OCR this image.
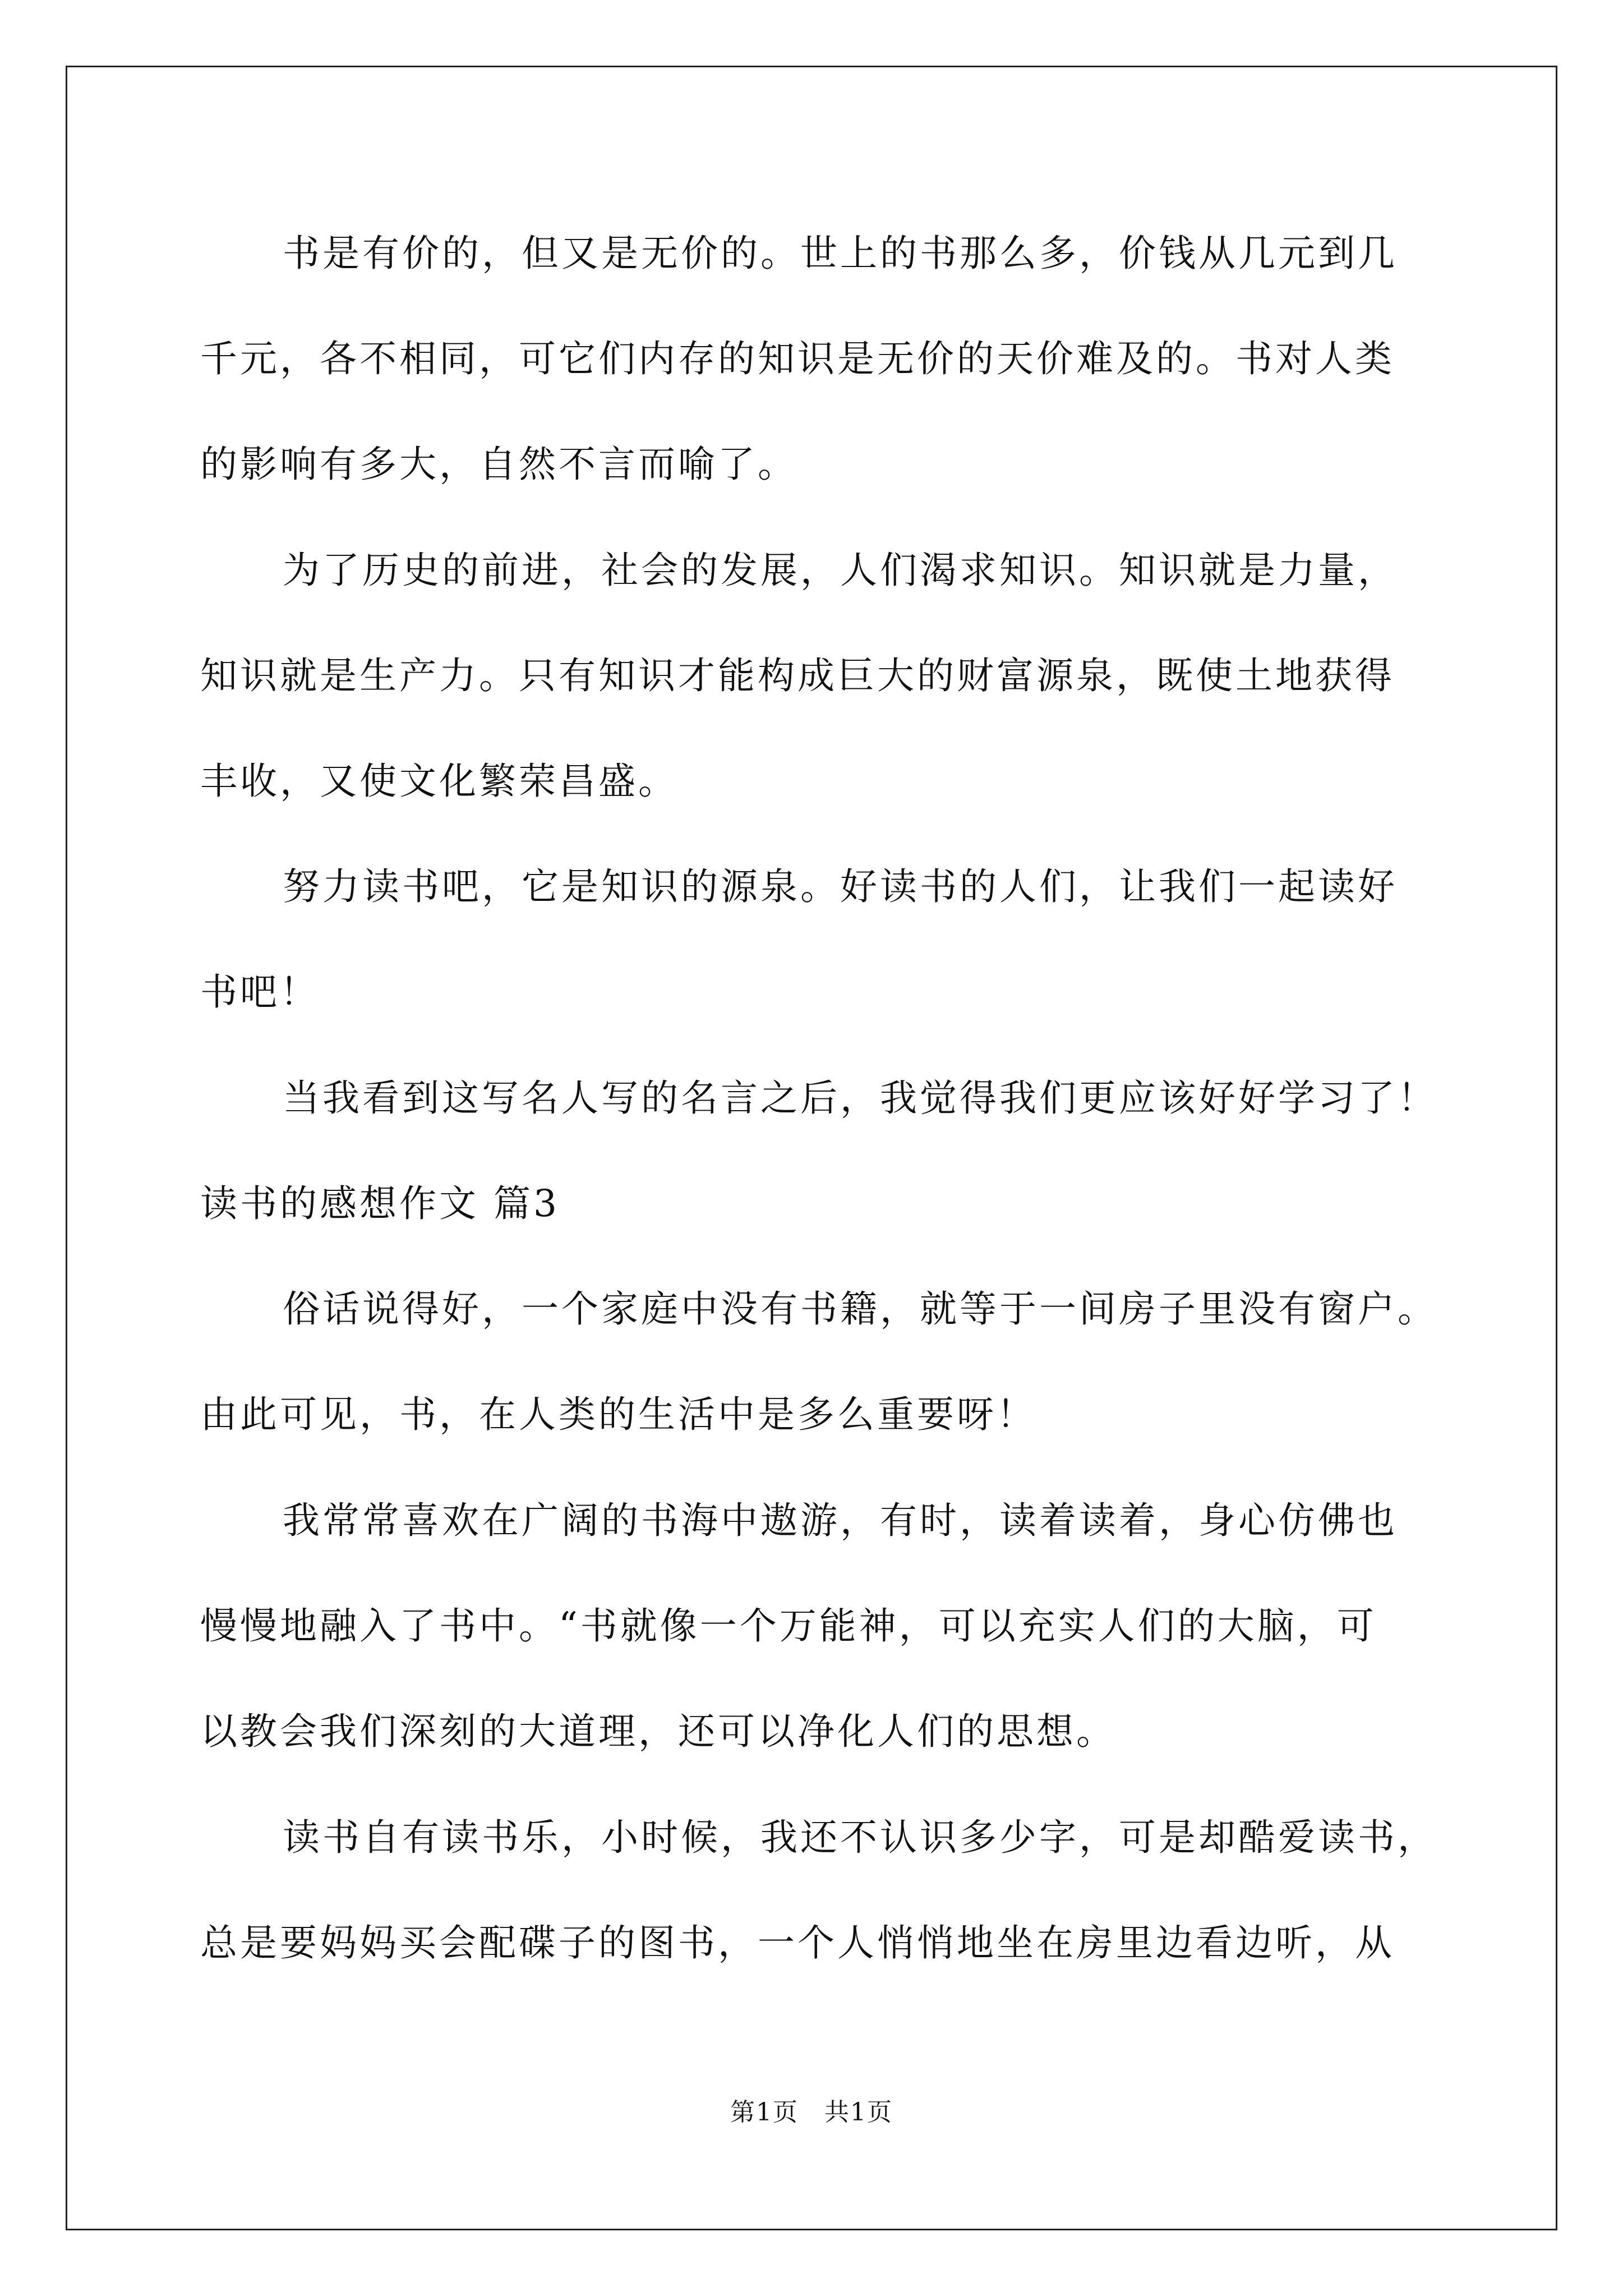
书是有价的，但又是无价的。世上的书那么多，价钱从几元到几
千元，各不相同，可它们内存的知识是无价的天价难及的。书对人类
的影响有多大，自然不言而喻了。
为了历史的前进，社会的发展，人们渴求知识。知识就是力量，
知识就是生产力。只有知识才能构成巨大的财富源泉，既使土地获得
丰收，又使文化繁荣昌盛。
努力读书吧，它是知识的源泉。好读书的人们，让我们一起读好
书吧！
当我看到这写名人写的名言之后，我觉得我们更应该好好学习了！
读书的感想作文 篇3
俗话说得好，一个家庭中没有书籍，就等于一间房子里没有窗户。
由此可见，书，在人类的生活中是多么重要呀！
我常常喜欢在广阔的书海中遨游，有时，读着读着，身心仿佛也
慢慢地融入了书中。“书就像一个万能神，可以充实人们的大脑，可
以教会我们深刻的大道理，还可以净化人们的思想。
读书自有读书乐，小时候，我还不认识多少字，可是却酷爱读书，
总是要妈妈买会配碟子的图书，一个人悄悄地坐在房里边看边听，从
第1页　共1页
